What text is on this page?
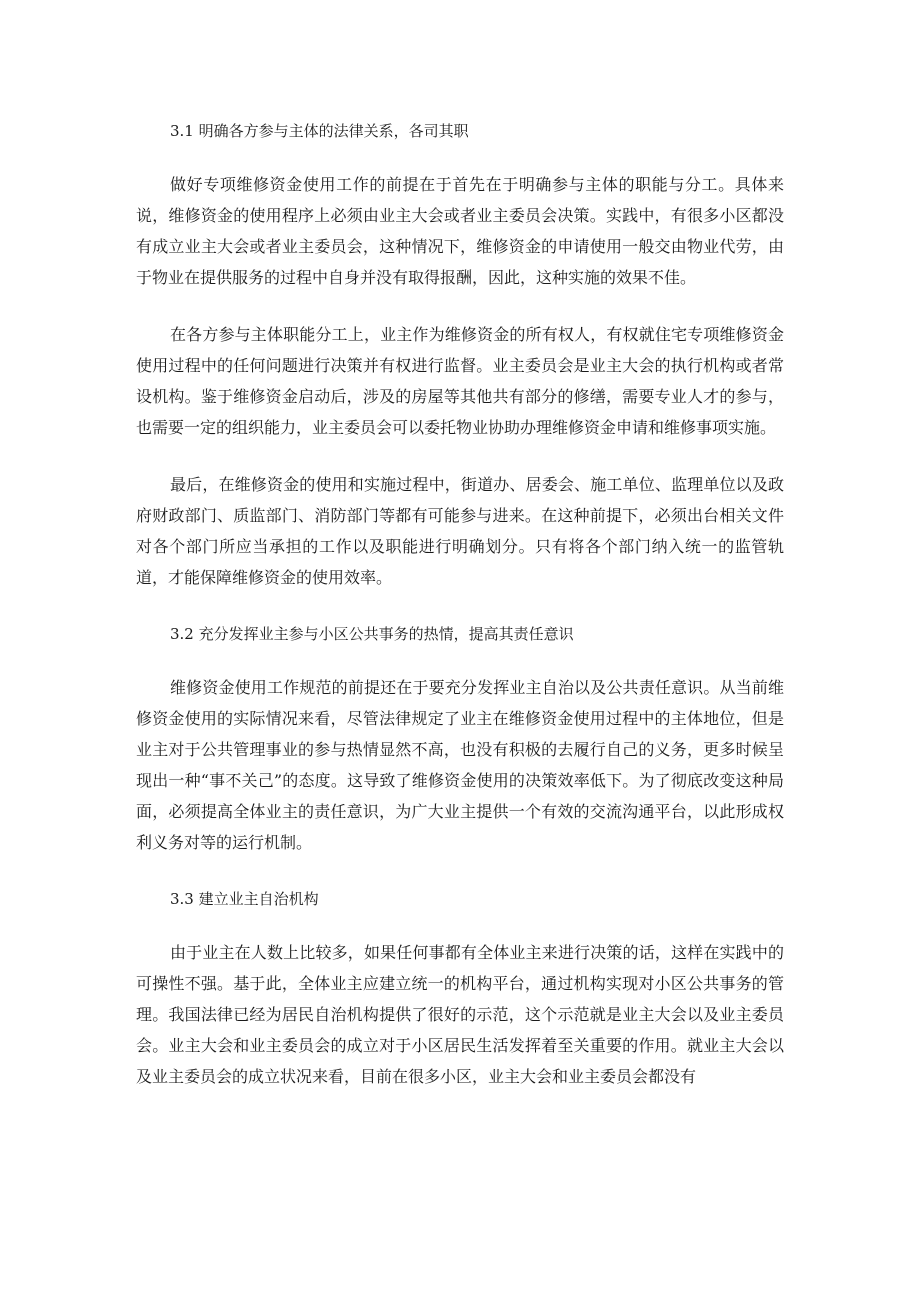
3.1 明确各方参与主体的法律关系，各司其职

做好专项维修资金使用工作的前提在于首先在于明确参与主体的职能与分工。具体来说，维修资金的使用程序上必须由业主大会或者业主委员会决策。实践中，有很多小区都没有成立业主大会或者业主委员会，这种情况下，维修资金的申请使用一般交由物业代劳，由于物业在提供服务的过程中自身并没有取得报酬，因此，这种实施的效果不佳。

在各方参与主体职能分工上，业主作为维修资金的所有权人，有权就住宅专项维修资金使用过程中的任何问题进行决策并有权进行监督。业主委员会是业主大会的执行机构或者常设机构。鉴于维修资金启动后，涉及的房屋等其他共有部分的修缮，需要专业人才的参与，也需要一定的组织能力，业主委员会可以委托物业协助办理维修资金申请和维修事项实施。

最后，在维修资金的使用和实施过程中，街道办、居委会、施工单位、监理单位以及政府财政部门、质监部门、消防部门等都有可能参与进来。在这种前提下，必须出台相关文件对各个部门所应当承担的工作以及职能进行明确划分。只有将各个部门纳入统一的监管轨道，才能保障维修资金的使用效率。

3.2 充分发挥业主参与小区公共事务的热情，提高其责任意识

维修资金使用工作规范的前提还在于要充分发挥业主自治以及公共责任意识。从当前维修资金使用的实际情况来看，尽管法律规定了业主在维修资金使用过程中的主体地位，但是业主对于公共管理事业的参与热情显然不高，也没有积极的去履行自己的义务，更多时候呈现出一种“事不关己”的态度。这导致了维修资金使用的决策效率低下。为了彻底改变这种局面，必须提高全体业主的责任意识，为广大业主提供一个有效的交流沟通平台，以此形成权利义务对等的运行机制。

3.3 建立业主自治机构

由于业主在人数上比较多，如果任何事都有全体业主来进行决策的话，这样在实践中的可操性不强。基于此，全体业主应建立统一的机构平台，通过机构实现对小区公共事务的管理。我国法律已经为居民自治机构提供了很好的示范，这个示范就是业主大会以及业主委员会。业主大会和业主委员会的成立对于小区居民生活发挥着至关重要的作用。就业主大会以及业主委员会的成立状况来看，目前在很多小区，业主大会和业主委员会都没有
